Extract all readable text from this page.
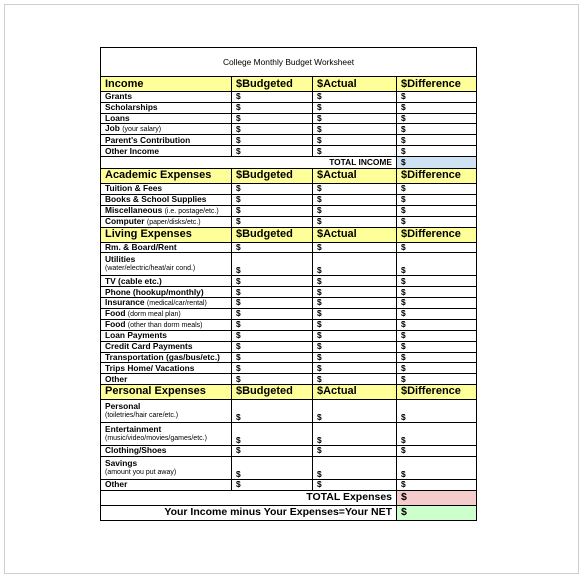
College Monthly Budget Worksheet			
Income	$Budgeted	$Actual	$Difference
Grants	$	$	$
Scholarships	$	$	$
Loans	$	$	$
Job (your salary)	$	$	$
Parent's Contribution	$	$	$
Other Income	$	$	$
TOTAL INCOME			$
Academic Expenses	$Budgeted	$Actual	$Difference
Tuition & Fees	$	$	$
Books & School Supplies	$	$	$
Miscellaneous (i.e. postage/etc.)	$	$	$
Computer (paper/disks/etc.)	$	$	$
Living Expenses	$Budgeted	$Actual	$Difference
Rm. & Board/Rent	$	$	$

Utilities
(water/electric/heat/air cond.)	$	$	$
TV (cable etc.)	$	$	$
Phone (hookup/monthly)	$	$	$
Insurance (medical/car/rental)	$	$	$
Food (dorm meal plan)	$	$	$
Food (other than dorm meals)	$	$	$
Loan Payments	$	$	$
Credit Card Payments	$	$	$
Transportation (gas/bus/etc.)	$	$	$
Trips Home/ Vacations	$	$	$
Other	$	$	$
Personal Expenses	$Budgeted	$Actual	$Difference

Personal
(toiletries/hair care/etc.)	$	$	$

Entertainment
(music/video/movies/games/etc.)	$	$	$
Clothing/Shoes	$	$	$

Savings
(amount you put away)	$	$	$
Other	$	$	$
TOTAL Expenses			$
Your Income minus Your Expenses=Your NET			$
